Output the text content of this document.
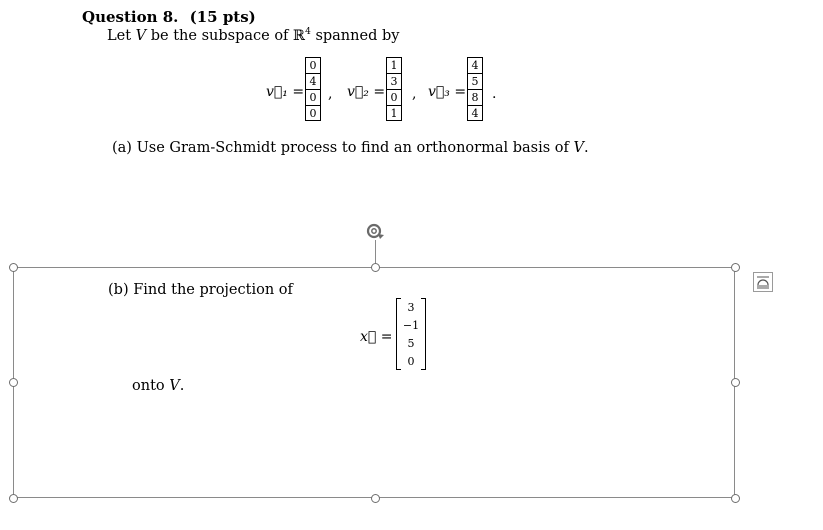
Question 8. (15 pts)
Let V be the subspace of ℝ$^4$ spanned by
v⃗₁ =
0
4
0
0
, v⃗₂ =
1
3
0
1
, v⃗₃ =
4
5
8
4
.
(a) Use Gram-Schmidt process to find an orthonormal basis of V.
(b) Find the projection of
x⃗ =
3
−1
5
0
onto V.
